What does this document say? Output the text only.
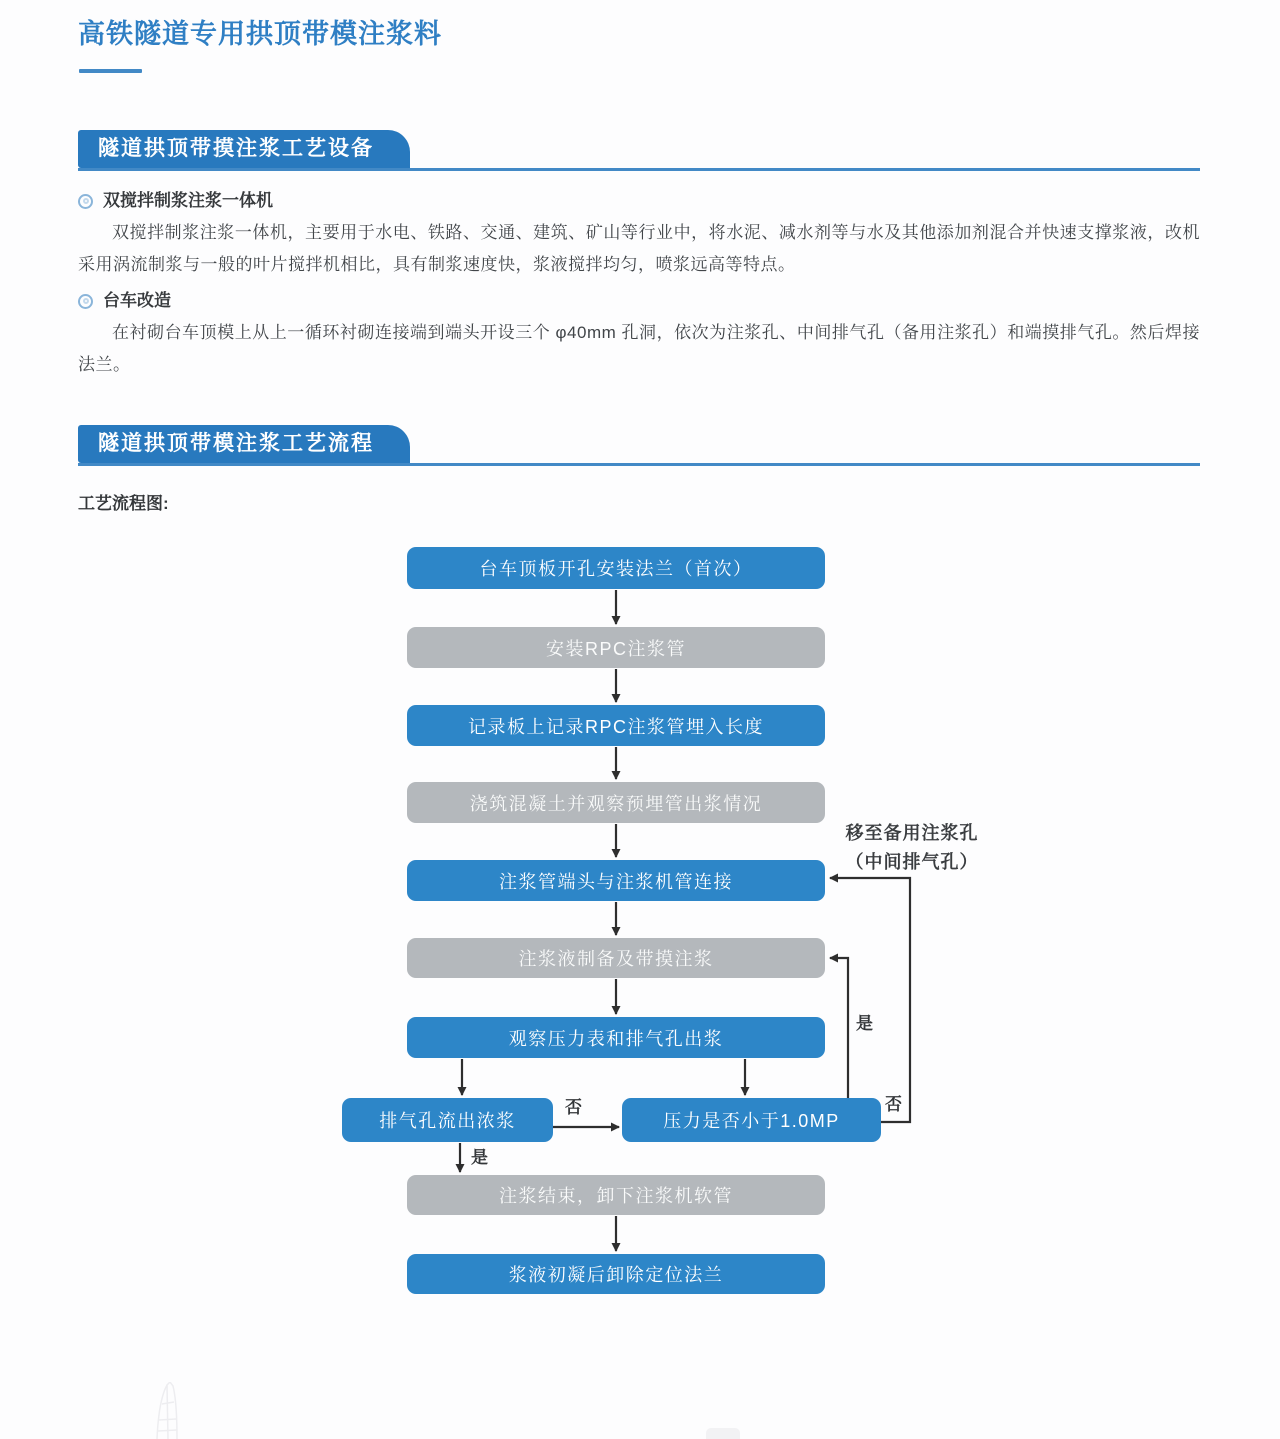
高铁隧道专用拱顶带模注浆料
隧道拱顶带摸注浆工艺设备
双搅拌制浆注浆一体机

双搅拌制浆注浆一体机，主要用于水电、铁路、交通、建筑、矿山等行业中，将水泥、减水剂等与水及其他添加剂混合并快速支撑浆液，改机采用涡流制浆与一般的叶片搅拌机相比，具有制浆速度快，浆液搅拌均匀，喷浆远高等特点。

台车改造

在衬砌台车顶模上从上一循环衬砌连接端到端头开设三个 φ40mm 孔洞，依次为注浆孔、中间排气孔（备用注浆孔）和端摸排气孔。然后焊接法兰。

隧道拱顶带模注浆工艺流程
工艺流程图:
台车顶板开孔安装法兰（首次）
安装RPC注浆管
记录板上记录RPC注浆管埋入长度
浇筑混凝土并观察预埋管出浆情况
注浆管端头与注浆机管连接
注浆液制备及带摸注浆
观察压力表和排气孔出浆
排气孔流出浓浆	压力是否小于1.0MP
注浆结束，卸下注浆机软管
浆液初凝后卸除定位法兰
否
是
是
否
移至备用注浆孔
（中间排气孔）
